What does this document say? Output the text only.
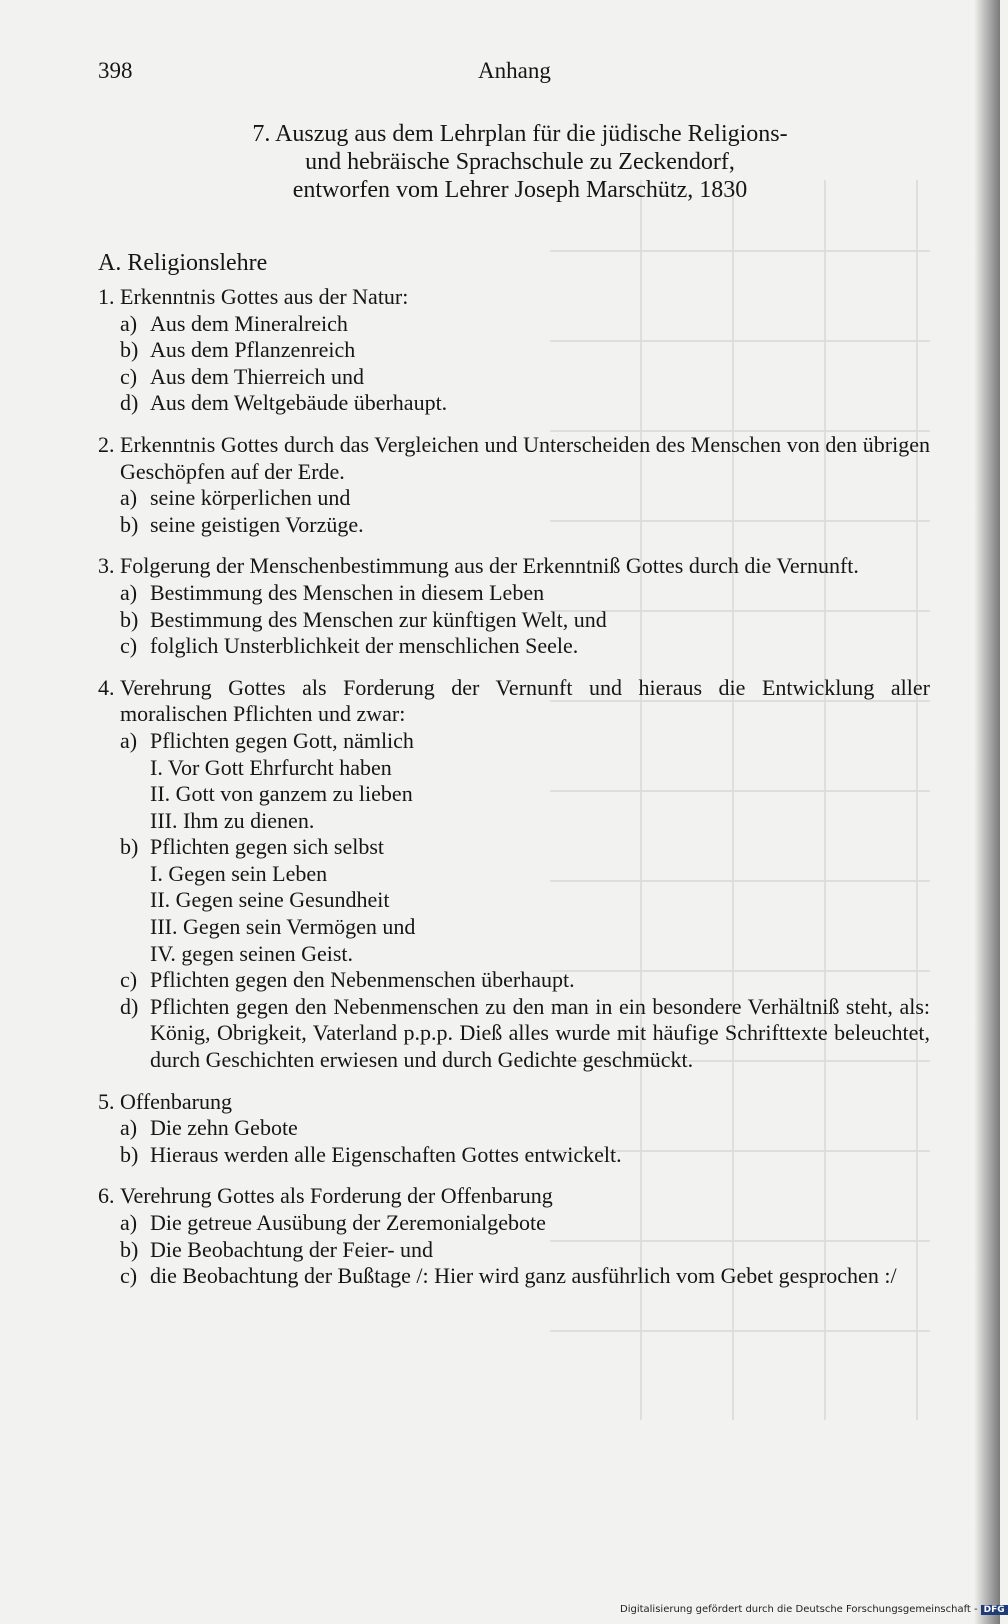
398	Anhang
7. Auszug aus dem Lehrplan für die jüdische Religions-
und hebräische Sprachschule zu Zeckendorf,
entworfen vom Lehrer Joseph Marschütz, 1830
A. Religionslehre
1. Erkenntnis Gottes aus der Natur:
a) Aus dem Mineralreich
b) Aus dem Pflanzenreich
c) Aus dem Thierreich und
d) Aus dem Weltgebäude überhaupt.
2. Erkenntnis Gottes durch das Vergleichen und Unterscheiden des Menschen von den übrigen Geschöpfen auf der Erde.
a) seine körperlichen und
b) seine geistigen Vorzüge.
3. Folgerung der Menschenbestimmung aus der Erkenntniß Gottes durch die Vernunft.
a) Bestimmung des Menschen in diesem Leben
b) Bestimmung des Menschen zur künftigen Welt, und
c) folglich Unsterblichkeit der menschlichen Seele.
4. Verehrung Gottes als Forderung der Vernunft und hieraus die Entwicklung aller moralischen Pflichten und zwar:
a) Pflichten gegen Gott, nämlich
I. Vor Gott Ehrfurcht haben
II. Gott von ganzem zu lieben
III. Ihm zu dienen.
b) Pflichten gegen sich selbst
I. Gegen sein Leben
II. Gegen seine Gesundheit
III. Gegen sein Vermögen und
IV. gegen seinen Geist.
c) Pflichten gegen den Nebenmenschen überhaupt.
d) Pflichten gegen den Nebenmenschen zu den man in ein besondere Verhältniß steht, als: König, Obrigkeit, Vaterland p.p.p. Dieß alles wurde mit häufige Schrifttexte beleuchtet, durch Geschichten erwiesen und durch Gedichte geschmückt.
5. Offenbarung
a) Die zehn Gebote
b) Hieraus werden alle Eigenschaften Gottes entwickelt.
6. Verehrung Gottes als Forderung der Offenbarung
a) Die getreue Ausübung der Zeremonialgebote
b) Die Beobachtung der Feier- und
c) die Beobachtung der Bußtage /: Hier wird ganz ausführlich vom Gebet gesprochen :/
Digitalisierung gefördert durch die Deutsche Forschungsgemeinschaft - DFG
